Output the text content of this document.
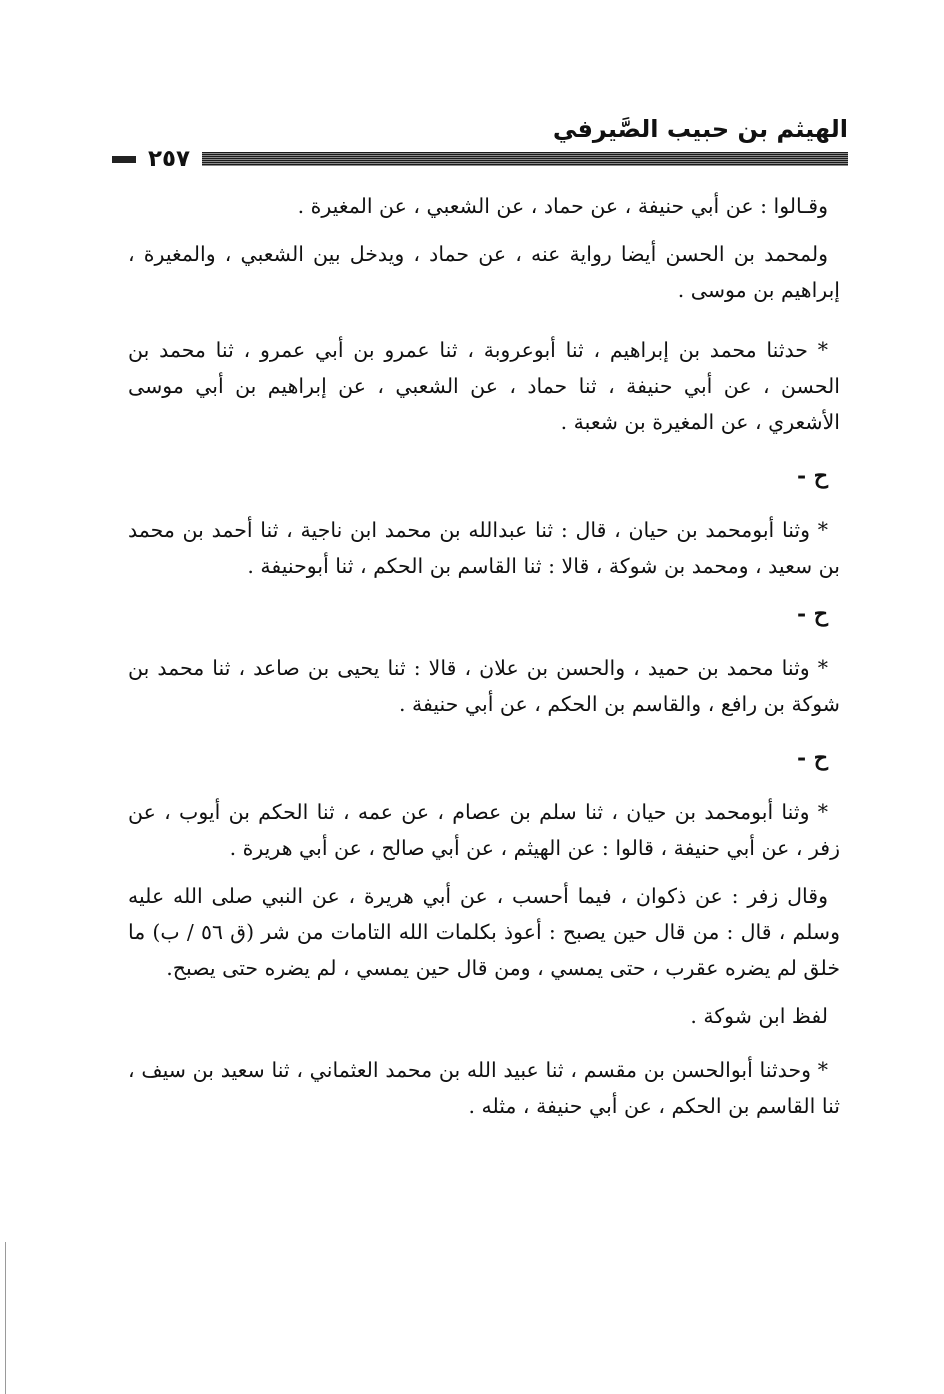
الهيثم بن حبيب الصَّيرفي
٢٥٧

وقـالوا : عن أبي حنيفة ، عن حماد ، عن الشعبي ، عن المغيرة .

ولمحمد بن الحسن أيضا رواية عنه ، عن حماد ، ويدخل بين الشعبي ، والمغيرة ، إبراهيم بن موسى .

* حدثنا محمد بن إبراهيم ، ثنا أبوعروبة ، ثنا عمرو بن أبي عمرو ، ثنا محمد بن الحسن ، عن أبي حنيفة ، ثنا حماد ، عن الشعبي ، عن إبراهيم بن أبي موسى الأشعري ، عن المغيرة بن شعبة .

ح -

* وثنا أبومحمد بن حيان ، قال : ثنا عبدالله بن محمد ابن ناجية ، ثنا أحمد بن محمد بن سعيد ، ومحمد بن شوكة ، قالا : ثنا القاسم بن الحكم ، ثنا أبوحنيفة .

ح -

* وثنا محمد بن حميد ، والحسن بن علان ، قالا : ثنا يحيى بن صاعد ، ثنا محمد بن شوكة بن رافع ، والقاسم بن الحكم ، عن أبي حنيفة .

ح -

* وثنا أبومحمد بن حيان ، ثنا سلم بن عصام ، عن عمه ، ثنا الحكم بن أيوب ، عن زفر ، عن أبي حنيفة ، قالوا : عن الهيثم ، عن أبي صالح ، عن أبي هريرة .

وقال زفر : عن ذكوان ، فيما أحسب ، عن أبي هريرة ، عن النبي صلى الله عليه وسلم ، قال : من قال حين يصبح : أعوذ بكلمات الله التامات من شر (ق ٥٦ / ب) ما خلق لم يضره عقرب ، حتى يمسي ، ومن قال حين يمسي ، لم يضره حتى يصبح.

لفظ ابن شوكة .

* وحدثنا أبوالحسن بن مقسم ، ثنا عبيد الله بن محمد العثماني ، ثنا سعيد بن سيف ، ثنا القاسم بن الحكم ، عن أبي حنيفة ، مثله .
